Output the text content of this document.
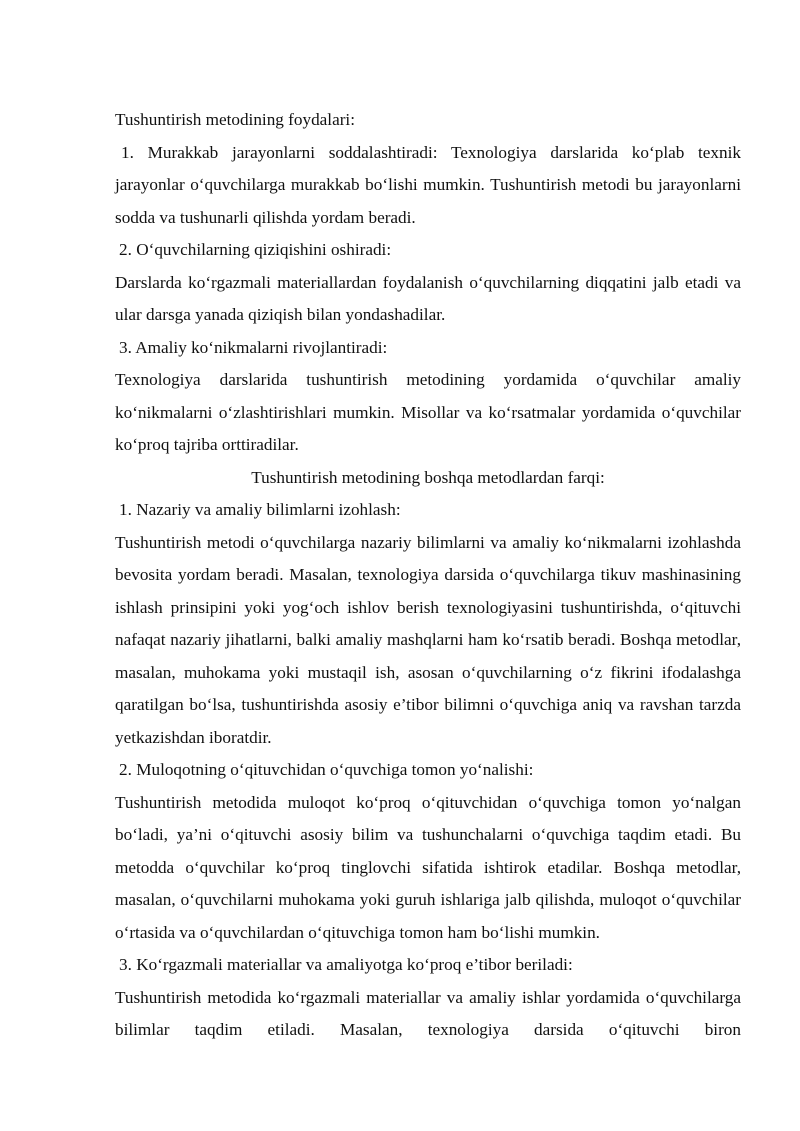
Tushuntirish metodining foydalari:

1. Murakkab jarayonlarni soddalashtiradi: Texnologiya darslarida ko‘plab texnik jarayonlar o‘quvchilarga murakkab bo‘lishi mumkin. Tushuntirish metodi bu jarayonlarni sodda va tushunarli qilishda yordam beradi.

2. O‘quvchilarning qiziqishini oshiradi:

Darslarda ko‘rgazmali materiallardan foydalanish o‘quvchilarning diqqatini jalb etadi va ular darsga yanada qiziqish bilan yondashadilar.

3. Amaliy ko‘nikmalarni rivojlantiradi:

Texnologiya darslarida tushuntirish metodining yordamida o‘quvchilar amaliy ko‘nikmalarni o‘zlashtirishlari mumkin. Misollar va ko‘rsatmalar yordamida o‘quvchilar ko‘proq tajriba orttiradilar.

Tushuntirish metodining boshqa metodlardan farqi:

1. Nazariy va amaliy bilimlarni izohlash:

Tushuntirish metodi o‘quvchilarga nazariy bilimlarni va amaliy ko‘nikmalarni izohlashda bevosita yordam beradi. Masalan, texnologiya darsida o‘quvchilarga tikuv mashinasining ishlash prinsipini yoki yog‘och ishlov berish texnologiyasini tushuntirishda, o‘qituvchi nafaqat nazariy jihatlarni, balki amaliy mashqlarni ham ko‘rsatib beradi. Boshqa metodlar, masalan, muhokama yoki mustaqil ish, asosan o‘quvchilarning o‘z fikrini ifodalashga qaratilgan bo‘lsa, tushuntirishda asosiy e’tibor bilimni o‘quvchiga aniq va ravshan tarzda yetkazishdan iboratdir.

2. Muloqotning o‘qituvchidan o‘quvchiga tomon yo‘nalishi:

Tushuntirish metodida muloqot ko‘proq o‘qituvchidan o‘quvchiga tomon yo‘nalgan bo‘ladi, ya’ni o‘qituvchi asosiy bilim va tushunchalarni o‘quvchiga taqdim etadi. Bu metodda o‘quvchilar ko‘proq tinglovchi sifatida ishtirok etadilar. Boshqa metodlar, masalan, o‘quvchilarni muhokama yoki guruh ishlariga jalb qilishda, muloqot o‘quvchilar o‘rtasida va o‘quvchilardan o‘qituvchiga tomon ham bo‘lishi mumkin.

3. Ko‘rgazmali materiallar va amaliyotga ko‘proq e’tibor beriladi:

Tushuntirish metodida ko‘rgazmali materiallar va amaliy ishlar yordamida o‘quvchilarga bilimlar taqdim etiladi. Masalan, texnologiya darsida o‘qituvchi biron
